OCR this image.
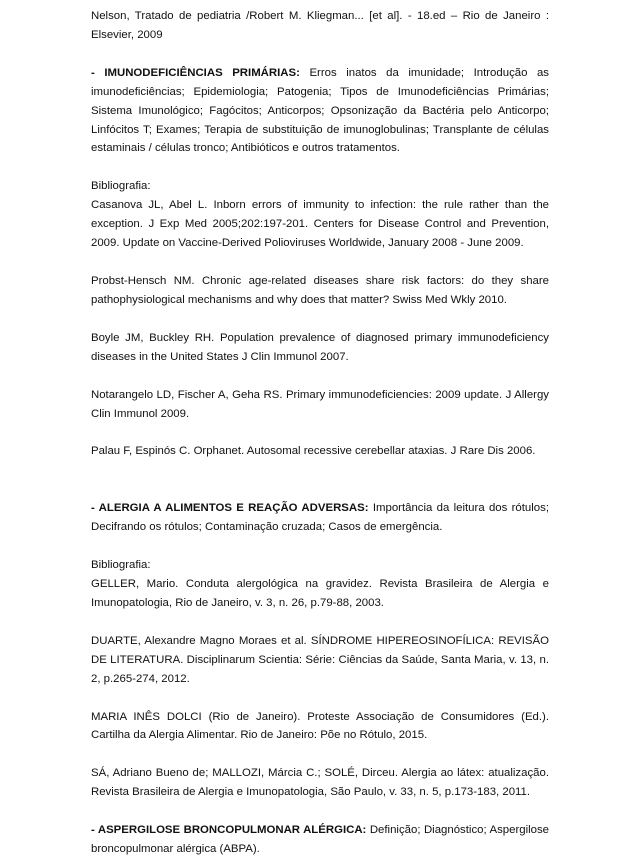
Nelson, Tratado de pediatria /Robert M. Kliegman... [et al]. - 18.ed – Rio de Janeiro : Elsevier, 2009

- IMUNODEFICIÊNCIAS PRIMÁRIAS: Erros inatos da imunidade; Introdução as imunodeficiências; Epidemiologia; Patogenia; Tipos de Imunodeficiências Primárias; Sistema Imunológico; Fagócitos; Anticorpos; Opsonização da Bactéria pelo Anticorpo; Linfócitos T; Exames; Terapia de substituição de imunoglobulinas; Transplante de células estaminais / células tronco; Antibióticos e outros tratamentos.

Bibliografia:

Casanova JL, Abel L. Inborn errors of immunity to infection: the rule rather than the exception. J Exp Med 2005;202:197-201. Centers for Disease Control and Prevention, 2009. Update on Vaccine-Derived Polioviruses Worldwide, January 2008 - June 2009.

Probst-Hensch NM. Chronic age-related diseases share risk factors: do they share pathophysiological mechanisms and why does that matter? Swiss Med Wkly 2010.

Boyle JM, Buckley RH. Population prevalence of diagnosed primary immunodeficiency diseases in the United States J Clin Immunol 2007.

Notarangelo LD, Fischer A, Geha RS. Primary immunodeficiencies: 2009 update. J Allergy Clin Immunol 2009.

Palau F, Espinós C. Orphanet. Autosomal recessive cerebellar ataxias. J Rare Dis 2006.

- ALERGIA A ALIMENTOS E REAÇÃO ADVERSAS: Importância da leitura dos rótulos; Decifrando os rótulos; Contaminação cruzada; Casos de emergência.

Bibliografia:

GELLER, Mario. Conduta alergológica na gravidez. Revista Brasileira de Alergia e Imunopatologia, Rio de Janeiro, v. 3, n. 26, p.79-88, 2003.

DUARTE, Alexandre Magno Moraes et al. SÍNDROME HIPEREOSINOFÍLICA: REVISÃO DE LITERATURA. Disciplinarum Scientia: Série: Ciências da Saúde, Santa Maria, v. 13, n. 2, p.265-274, 2012.

MARIA INÊS DOLCI (Rio de Janeiro). Proteste Associação de Consumidores (Ed.). Cartilha da Alergia Alimentar. Rio de Janeiro: Põe no Rótulo, 2015.

SÁ, Adriano Bueno de; MALLOZI, Márcia C.; SOLÉ, Dirceu. Alergia ao látex: atualização. Revista Brasileira de Alergia e Imunopatologia, São Paulo, v. 33, n. 5, p.173-183, 2011.

- ASPERGILOSE BRONCOPULMONAR ALÉRGICA: Definição; Diagnóstico; Aspergilose broncopulmonar alérgica (ABPA).
